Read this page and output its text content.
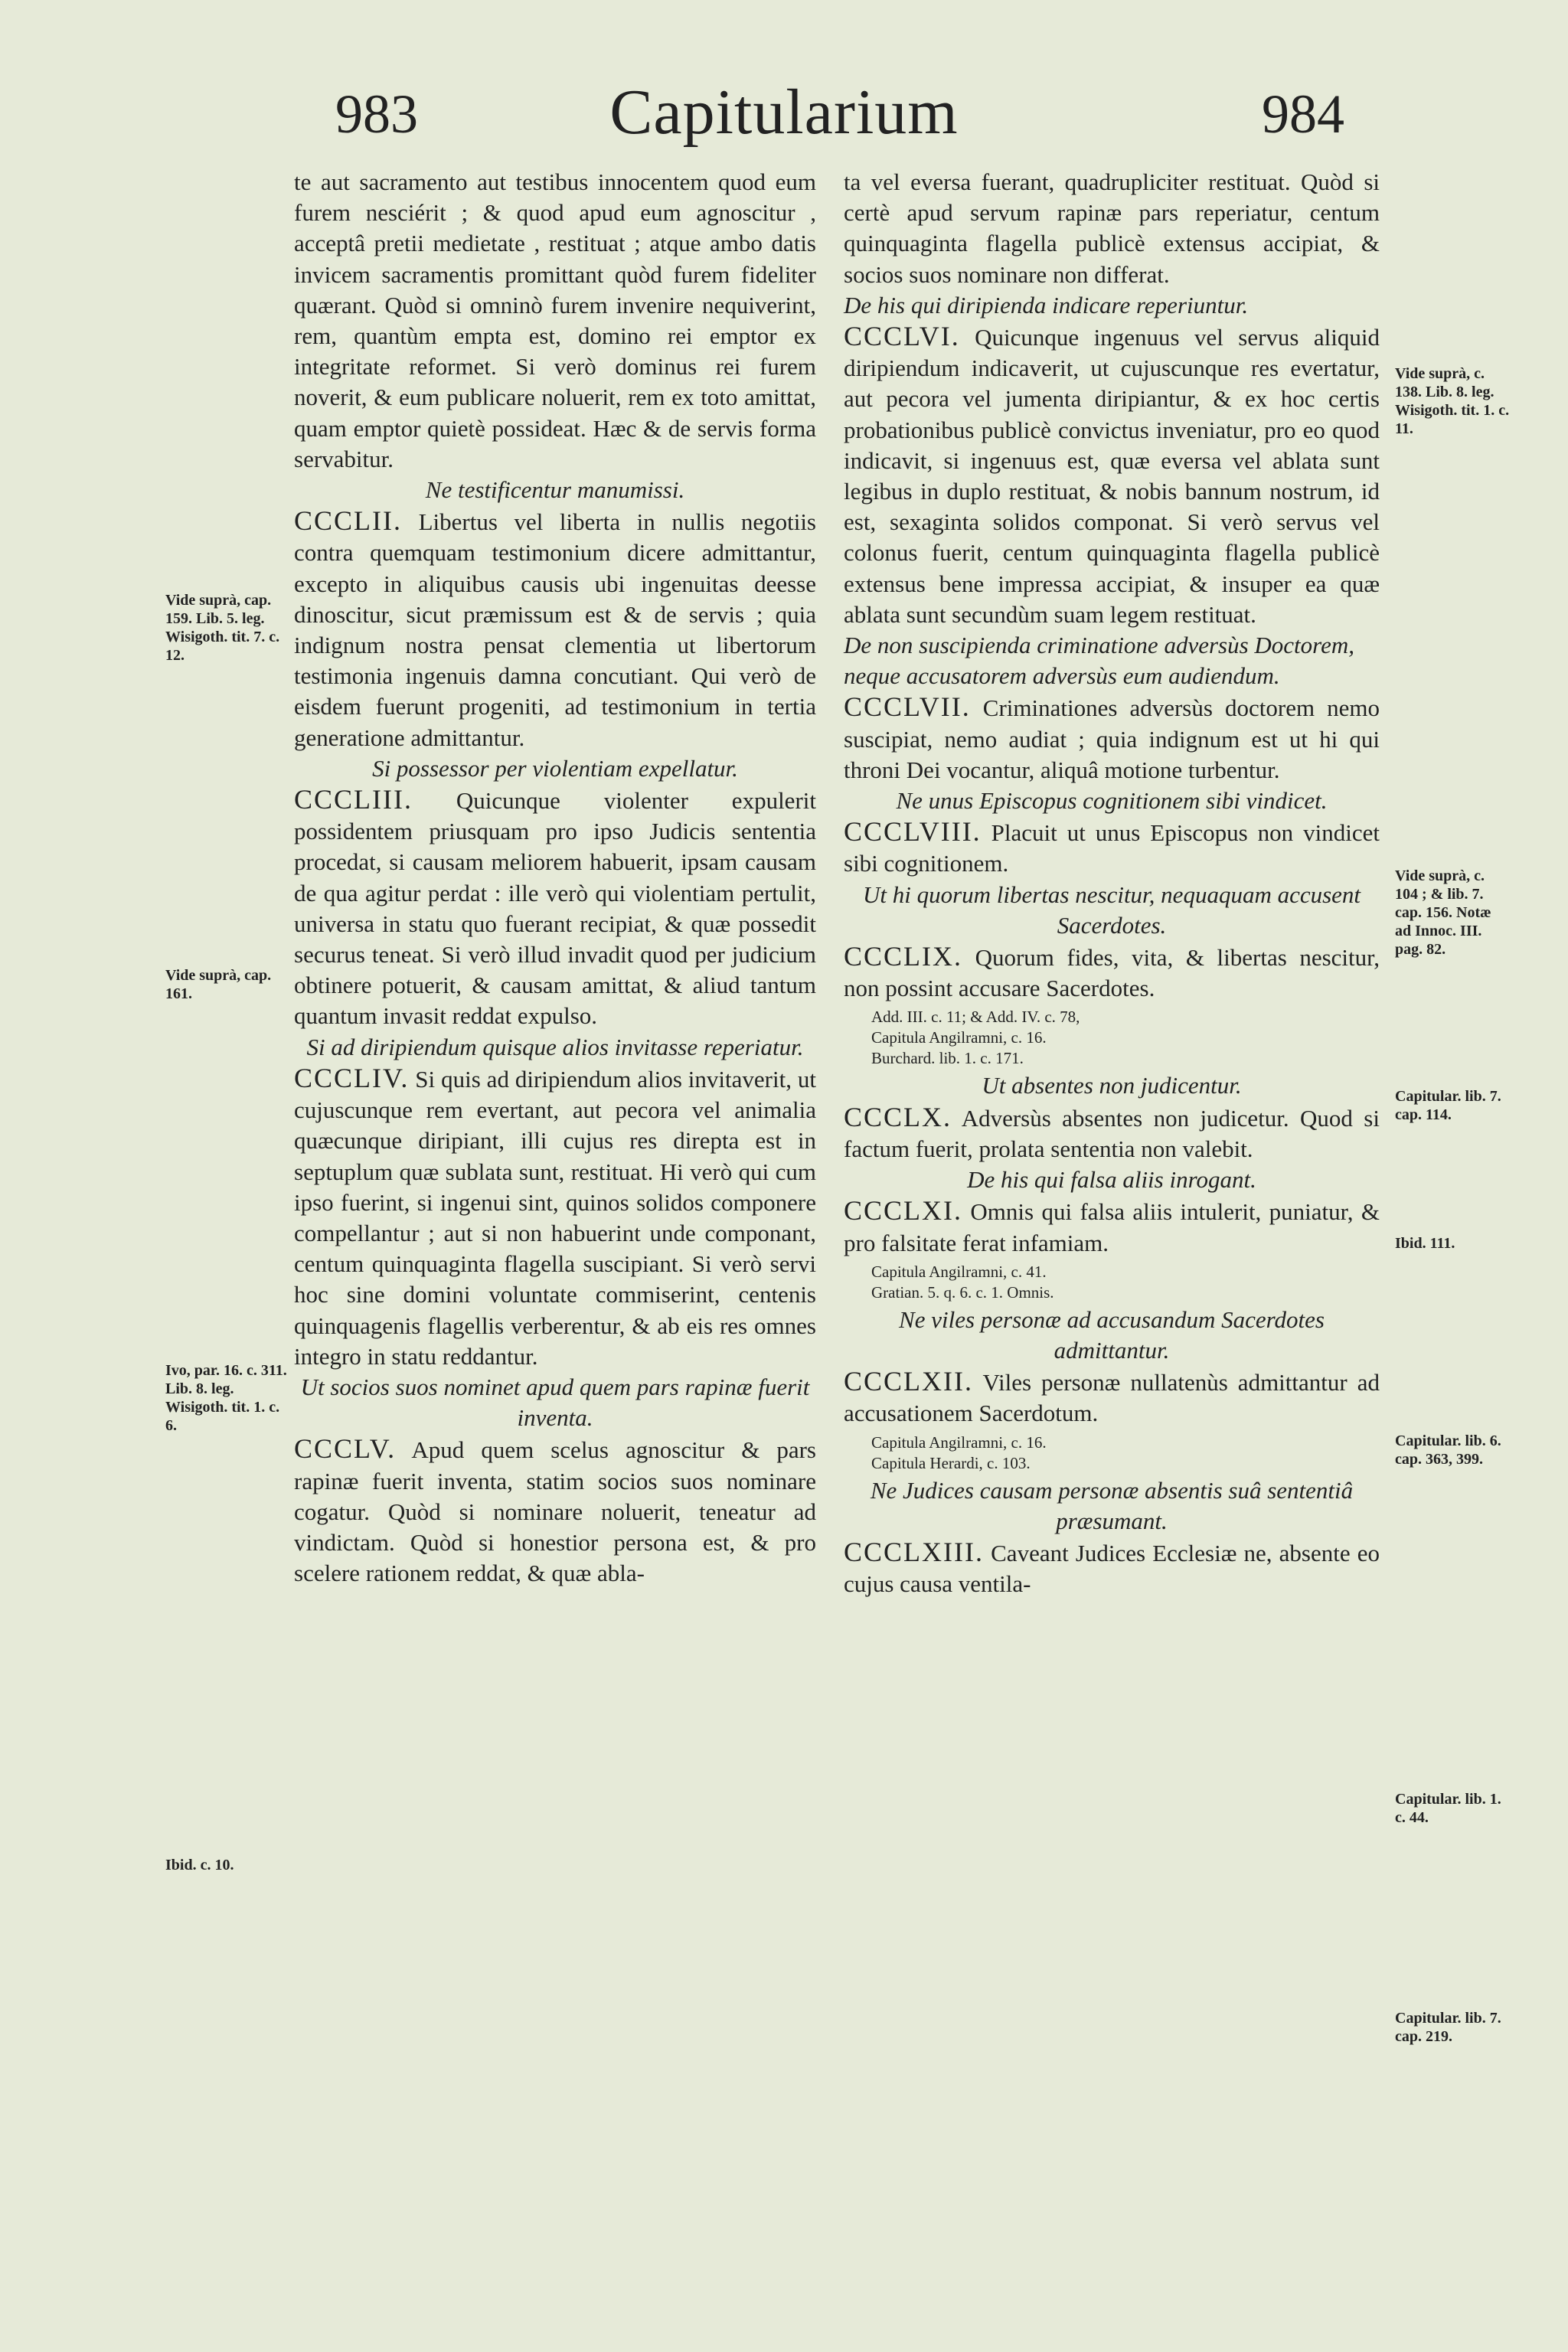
983	Capitularium	984

te aut sacramento aut testibus innocentem quod eum furem nesciérit ; & quod apud eum agnoscitur , acceptâ pretii medietate , restituat ; atque ambo datis invicem sacramentis promittant quòd furem fideliter quærant. Quòd si omninò furem invenire nequiverint, rem, quantùm empta est, domino rei emptor ex integritate reformet. Si verò dominus rei furem noverit, & eum publicare noluerit, rem ex toto amittat, quam emptor quietè possideat. Hæc & de servis forma servabitur.

Ne testificentur manumissi.

CCCLII. Libertus vel liberta in nullis negotiis contra quemquam testimonium dicere admittantur, excepto in aliquibus causis ubi ingenuitas deesse dinoscitur, sicut præmissum est & de servis ; quia indignum nostra pensat clementia ut libertorum testimonia ingenuis damna concutiant. Qui verò de eisdem fuerunt progeniti, ad testimonium in tertia generatione admittantur.

Si possessor per violentiam expellatur.

CCCLIII. Quicunque violenter expulerit possidentem priusquam pro ipso Judicis sententia procedat, si causam meliorem habuerit, ipsam causam de qua agitur perdat : ille verò qui violentiam pertulit, universa in statu quo fuerant recipiat, & quæ possedit securus teneat. Si verò illud invadit quod per judicium obtinere potuerit, & causam amittat, & aliud tantum quantum invasit reddat expulso.

Si ad diripiendum quisque alios invitasse reperiatur.

CCCLIV. Si quis ad diripiendum alios invitaverit, ut cujuscunque rem evertant, aut pecora vel animalia quæcunque diripiant, illi cujus res direpta est in septuplum quæ sublata sunt, restituat. Hi verò qui cum ipso fuerint, si ingenui sint, quinos solidos componere compellantur ; aut si non habuerint unde componant, centum quinquaginta flagella suscipiant. Si verò servi hoc sine domini voluntate commiserint, centenis quinquagenis flagellis verberentur, & ab eis res omnes integro in statu reddantur.

Ut socios suos nominet apud quem pars rapinæ fuerit inventa.

CCCLV. Apud quem scelus agnoscitur & pars rapinæ fuerit inventa, statim socios suos nominare cogatur. Quòd si nominare noluerit, teneatur ad vindictam. Quòd si honestior persona est, & pro scelere rationem reddat, & quæ abla-

ta vel eversa fuerant, quadrupliciter restituat. Quòd si certè apud servum rapinæ pars reperiatur, centum quinquaginta flagella publicè extensus accipiat, & socios suos nominare non differat.

De his qui diripienda indicare reperiuntur.

CCCLVI. Quicunque ingenuus vel servus aliquid diripiendum indicaverit, ut cujuscunque res evertatur, aut pecora vel jumenta diripiantur, & ex hoc certis probationibus publicè convictus inveniatur, pro eo quod indicavit, si ingenuus est, quæ eversa vel ablata sunt legibus in duplo restituat, & nobis bannum nostrum, id est, sexaginta solidos componat. Si verò servus vel colonus fuerit, centum quinquaginta flagella publicè extensus bene impressa accipiat, & insuper ea quæ ablata sunt secundùm suam legem restituat.

De non suscipienda criminatione adversùs Doctorem, neque accusatorem adversùs eum audiendum.

CCCLVII. Criminationes adversùs doctorem nemo suscipiat, nemo audiat ; quia indignum est ut hi qui throni Dei vocantur, aliquâ motione turbentur.

Ne unus Episcopus cognitionem sibi vindicet.

CCCLVIII. Placuit ut unus Episcopus non vindicet sibi cognitionem.

Ut hi quorum libertas nescitur, nequaquam accusent Sacerdotes.

CCCLIX. Quorum fides, vita, & libertas nescitur, non possint accusare Sacerdotes.

Add. III. c. 11; & Add. IV. c. 78,
Capitula Angilramni, c. 16.
Burchard. lib. 1. c. 171.

Ut absentes non judicentur.

CCCLX. Adversùs absentes non judicetur. Quod si factum fuerit, prolata sententia non valebit.

De his qui falsa aliis inrogant.

CCCLXI. Omnis qui falsa aliis intulerit, puniatur, & pro falsitate ferat infamiam.

Capitula Angilramni, c. 41.
Gratian. 5. q. 6. c. 1. Omnis.

Ne viles personæ ad accusandum Sacerdotes admittantur.

CCCLXII. Viles personæ nullatenùs admittantur ad accusationem Sacerdotum.

Capitula Angilramni, c. 16.
Capitula Herardi, c. 103.

Ne Judices causam personæ absentis suâ sententiâ præsumant.

CCCLXIII. Caveant Judices Ecclesiæ ne, absente eo cujus causa ventila-

Vide suprà, cap. 159. Lib. 5. leg. Wisigoth. tit. 7. c. 12.
Vide suprà, cap. 161.
Ivo, par. 16. c. 311. Lib. 8. leg. Wisigoth. tit. 1. c. 6.
Ibid. c. 10.
Vide suprà, c. 138. Lib. 8. leg. Wisigoth. tit. 1. c. 11.
Vide suprà, c. 104 ; & lib. 7. cap. 156. Notæ ad Innoc. III. pag. 82.
Capitular. lib. 7. cap. 114.
Ibid. 111.
Capitular. lib. 6. cap. 363, 399.
Capitular. lib. 1. c. 44.
Capitular. lib. 7. cap. 219.
